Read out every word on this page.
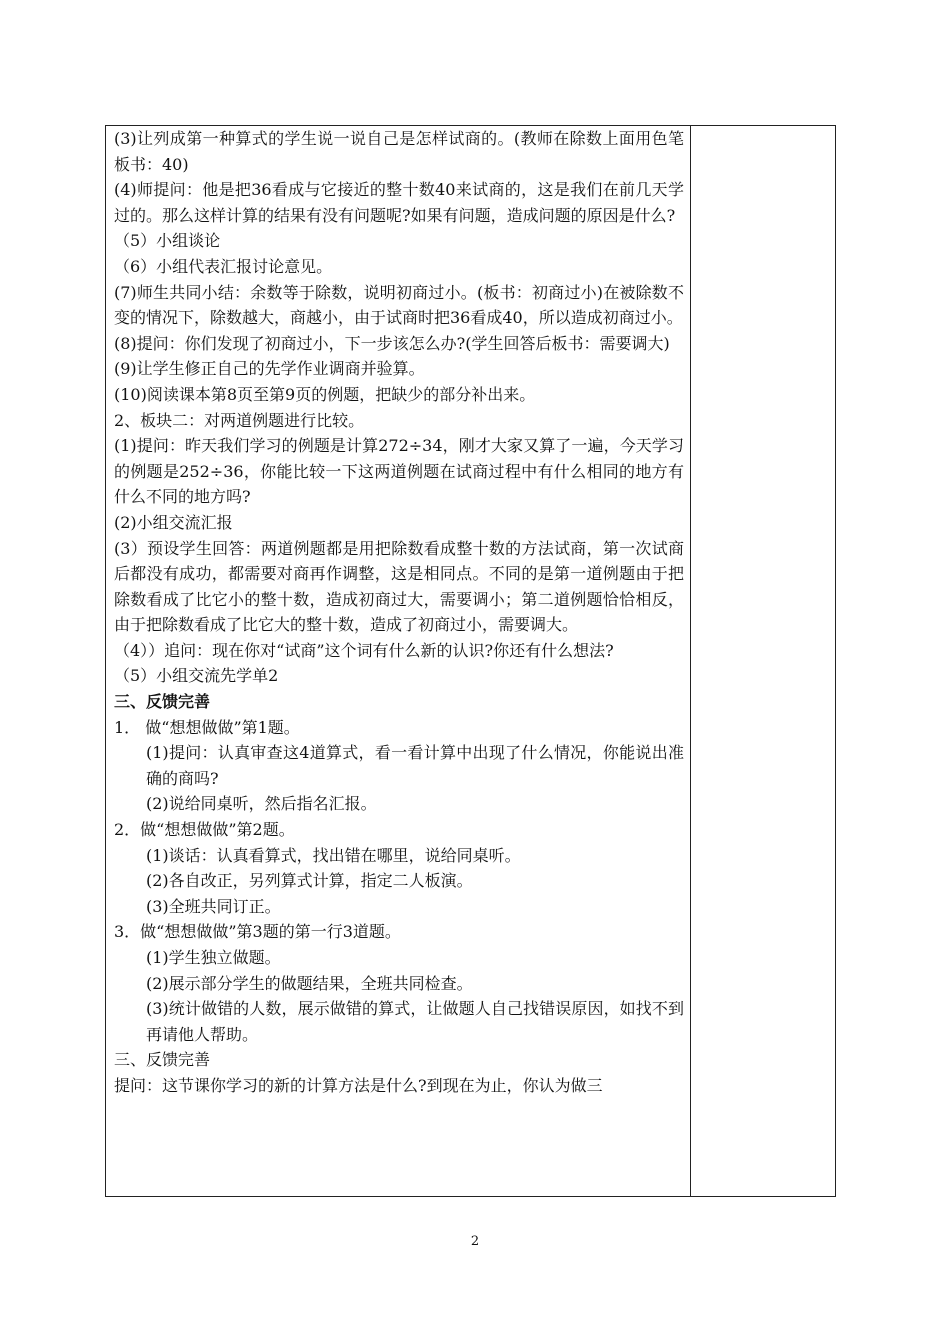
(3)让列成第一种算式的学生说一说自己是怎样试商的。(教师在除数上面用色笔板书：40)

(4)师提问：他是把36看成与它接近的整十数40来试商的，这是我们在前几天学过的。那么这样计算的结果有没有问题呢?如果有问题，造成问题的原因是什么?

（5）小组谈论

（6）小组代表汇报讨论意见。

(7)师生共同小结：余数等于除数，说明初商过小。(板书：初商过小)在被除数不变的情况下，除数越大，商越小，由于试商时把36看成40，所以造成初商过小。

(8)提问：你们发现了初商过小，下一步该怎么办?(学生回答后板书：需要调大)

(9)让学生修正自己的先学作业调商并验算。

(10)阅读课本第8页至第9页的例题，把缺少的部分补出来。

2、板块二：对两道例题进行比较。

(1)提问：昨天我们学习的例题是计算272÷34，刚才大家又算了一遍，今天学习的例题是252÷36，你能比较一下这两道例题在试商过程中有什么相同的地方有什么不同的地方吗?

(2)小组交流汇报

(3）预设学生回答：两道例题都是用把除数看成整十数的方法试商，第一次试商后都没有成功，都需要对商再作调整，这是相同点。不同的是第一道例题由于把除数看成了比它小的整十数，造成初商过大，需要调小；第二道例题恰恰相反，由于把除数看成了比它大的整十数，造成了初商过小，需要调大。

（4））追问：现在你对“试商”这个词有什么新的认识?你还有什么想法?

（5）小组交流先学单2

三、反馈完善

1． 做“想想做做”第1题。

(1)提问：认真审查这4道算式，看一看计算中出现了什么情况，你能说出准确的商吗?

(2)说给同桌听，然后指名汇报。

2．做“想想做做”第2题。

(1)谈话：认真看算式，找出错在哪里，说给同桌听。

(2)各自改正，另列算式计算，指定二人板演。

(3)全班共同订正。

3．做“想想做做”第3题的第一行3道题。

(1)学生独立做题。

(2)展示部分学生的做题结果，全班共同检查。

(3)统计做错的人数，展示做错的算式，让做题人自己找错误原因，如找不到再请他人帮助。

三、反馈完善

提问：这节课你学习的新的计算方法是什么?到现在为止，你认为做三

2
